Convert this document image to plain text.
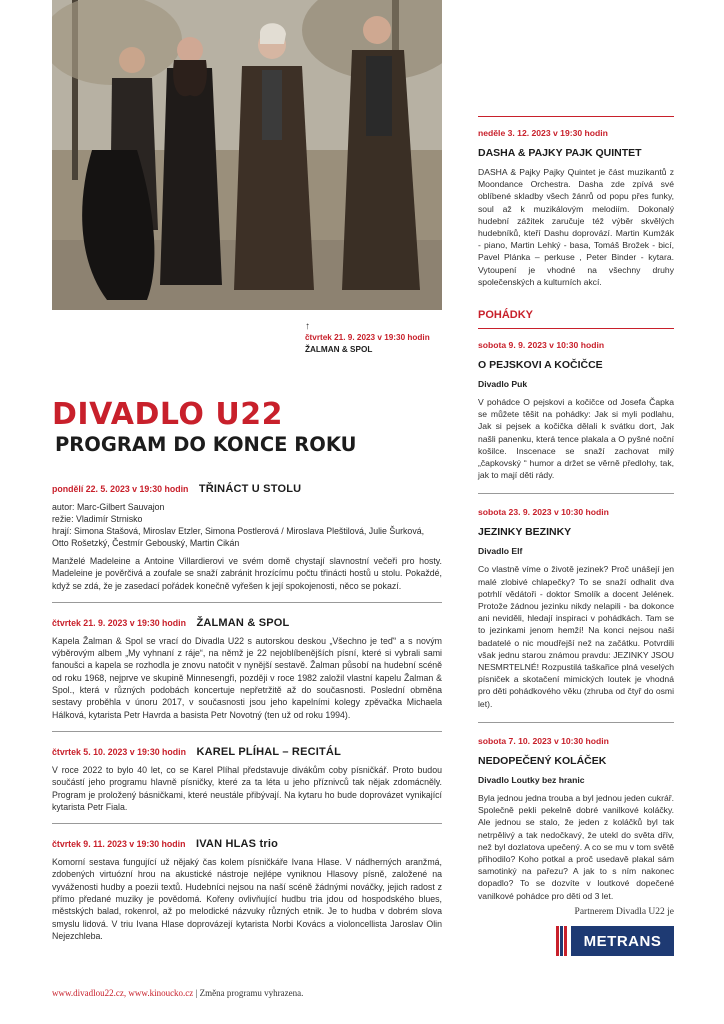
↑
čtvrtek 21. 9. 2023 v 19:30 hodin
ŽALMAN & SPOL
DIVADLO U22
PROGRAM DO KONCE ROKU
pondělí 22. 5. 2023 v 19:30 hodin TŘINÁCT U STOLU
autor: Marc-Gilbert Sauvajon
režie: Vladimír Strnisko
hrají: Simona Stašová, Miroslav Etzler, Simona Postlerová / Miroslava Pleštilová, Julie Šurková, Otto Rošetzký, Čestmír Gebouský, Martin Cikán
Manželé Madeleine a Antoine Villardierovi ve svém domě chystají slavnostní večeři pro hosty. Madeleine je pověrčivá a zoufale se snaží zabránit hrozícímu počtu třinácti hostů u stolu. Pokaždé, když se zdá, že je zasedací pořádek konečně vyřešen k její spokojenosti, něco se pokazí.
čtvrtek 21. 9. 2023 v 19:30 hodin ŽALMAN & SPOL
Kapela Žalman & Spol se vrací do Divadla U22 s autorskou deskou „Všechno je teď“ a s novým výběrovým albem „My vyhnaní z ráje“, na němž je 22 nejoblíbenějších písní, které si vybrali sami fanoušci a kapela se rozhodla je znovu natočit v nynější sestavě. Žalman působí na hudební scéně od roku 1968, nejprve ve skupině Minnesengři, později v roce 1982 založil vlastní kapelu Žalman & Spol., která v různých podobách koncertuje nepřetržitě až do současnosti. Poslední obměna sestavy proběhla v únoru 2017, v současnosti jsou jeho kapelními kolegy zpěvačka Michaela Hálková, kytarista Petr Havrda a basista Petr Novotný (ten už od roku 1994).
čtvrtek 5. 10. 2023 v 19:30 hodin KAREL PLÍHAL – RECITÁL
V roce 2022 to bylo 40 let, co se Karel Plíhal představuje divákům coby písničkář. Proto budou součástí jeho programu hlavně písničky, které za ta léta u jeho příznivců tak nějak zdomácněly. Program je proložený básničkami, které neustále přibývají. Na kytaru ho bude doprovázet vynikající kytarista Petr Fiala.
čtvrtek 9. 11. 2023 v 19:30 hodin IVAN HLAS trio
Komorní sestava fungující už nějaký čas kolem písničkáře Ivana Hlase. V nádherných aranžmá, zdobených virtuózní hrou na akustické nástroje nejlépe vyniknou Hlasovy písně, založené na vyváženosti hudby a poezii textů. Hudebníci nejsou na naší scéně žádnými nováčky, jejich radost z přímo předané muziky je povědomá. Kořeny ovlivňující hudbu tria jdou od hospodského blues, městských balad, rokenrol, až po melodické názvuky různých etnik. Je to hudba v dobrém slova smyslu lidová. V triu Ivana Hlase doprovázejí kytarista Norbi Kovács a violoncellista Jaroslav Olin Nejezchleba.
www.divadlou22.cz, www.kinoucko.cz | Změna programu vyhrazena.
neděle 3. 12. 2023 v 19:30 hodin
DASHA & PAJKY PAJK QUINTET
DASHA & Pajky Pajky Quintet je část muzikantů z Moondance Orchestra. Dasha zde zpívá své oblíbené skladby všech žánrů od popu přes funky, soul až k muzikálovým melodiím. Dokonalý hudební zážitek zaručuje též výběr skvělých hudebníků, kteří Dashu doprovází. Martin Kumžák - piano, Martin Lehký - basa, Tomáš Brožek - bicí, Pavel Plánka – perkuse , Peter Binder - kytara. Vytoupení je vhodné na všechny druhy společenských a kulturních akcí.
POHÁDKY
sobota 9. 9. 2023 v 10:30 hodin
O PEJSKOVI A KOČIČCE
Divadlo Puk
V pohádce O pejskovi a kočičce od Josefa Čapka se můžete těšit na pohádky: Jak si myli podlahu, Jak si pejsek a kočička dělali k svátku dort, Jak našli panenku, která tence plakala a O pyšné noční košilce. Inscenace se snaží zachovat milý „čapkovský “ humor a držet se věrně předlohy, tak, jak to mají děti rády.
sobota 23. 9. 2023 v 10:30 hodin
JEZINKY BEZINKY
Divadlo Elf
Co vlastně víme o životě jezinek? Proč unášejí jen malé zlobivé chlapečky? To se snaží odhalit dva potrhlí vědátoři - doktor Smolík a docent Jelének. Protože žádnou jezinku nikdy nelapili - ba dokonce ani neviděli, hledají inspiraci v pohádkách. Tam se to jezinkami jenom hemží! Na konci nejsou naši badatelé o nic moudřejší než na začátku. Potvrdili však jednu starou známou pravdu: JEZINKY JSOU NESMRTELNÉ! Rozpustilá taškařice plná veselých písniček a skotačení mimických loutek je vhodná pro děti pohádkového věku (zhruba od čtyř do osmi let).
sobota 7. 10. 2023 v 10:30 hodin
NEDOPEČENÝ KOLÁČEK
Divadlo Loutky bez hranic
Byla jednou jedna trouba a byl jednou jeden cukrář. Společně pekli pekelně dobré vanilkové koláčky. Ale jednou se stalo, že jeden z koláčků byl tak netrpělivý a tak nedočkavý, že utekl do světa dřív, než byl dozlatova upečený. A co se mu v tom světě přihodilo? Koho potkal a proč usedavě plakal sám samotinký na pařezu? A jak to s ním nakonec dopadlo? To se dozvíte v loutkové dopečené vanilkové pohádce pro děti od 3 let.
Partnerem Divadla U22 je
METRANS
